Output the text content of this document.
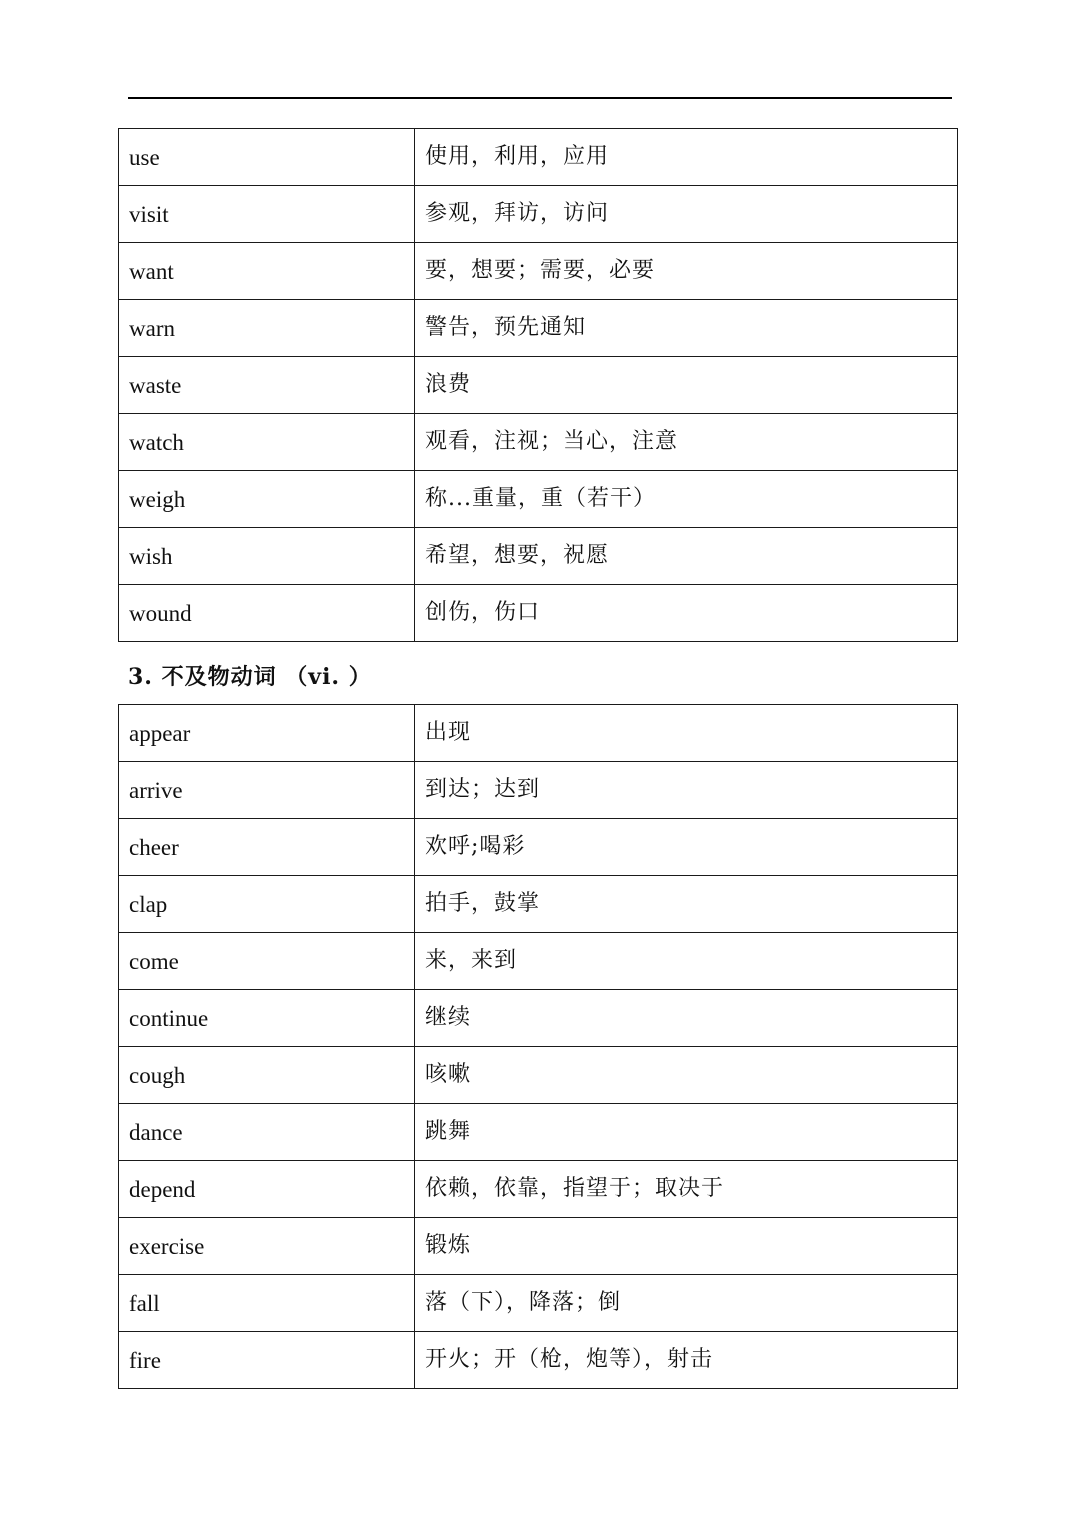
use	使用，利用，应用
visit	参观，拜访，访问
want	要，想要；需要，必要
warn	警告，预先通知
waste	浪费
watch	观看，注视；当心，注意
weigh	称...重量，重（若干）
wish	希望，想要，祝愿
wound	创伤，伤口
3. 不及物动词 （vi. ）
appear	出现
arrive	到达；达到
cheer	欢呼;喝彩
clap	拍手，鼓掌
come	来，来到
continue	继续
cough	咳嗽
dance	跳舞
depend	依赖，依靠，指望于；取决于
exercise	锻炼
fall	落（下），降落；倒
fire	开火；开（枪，炮等），射击
